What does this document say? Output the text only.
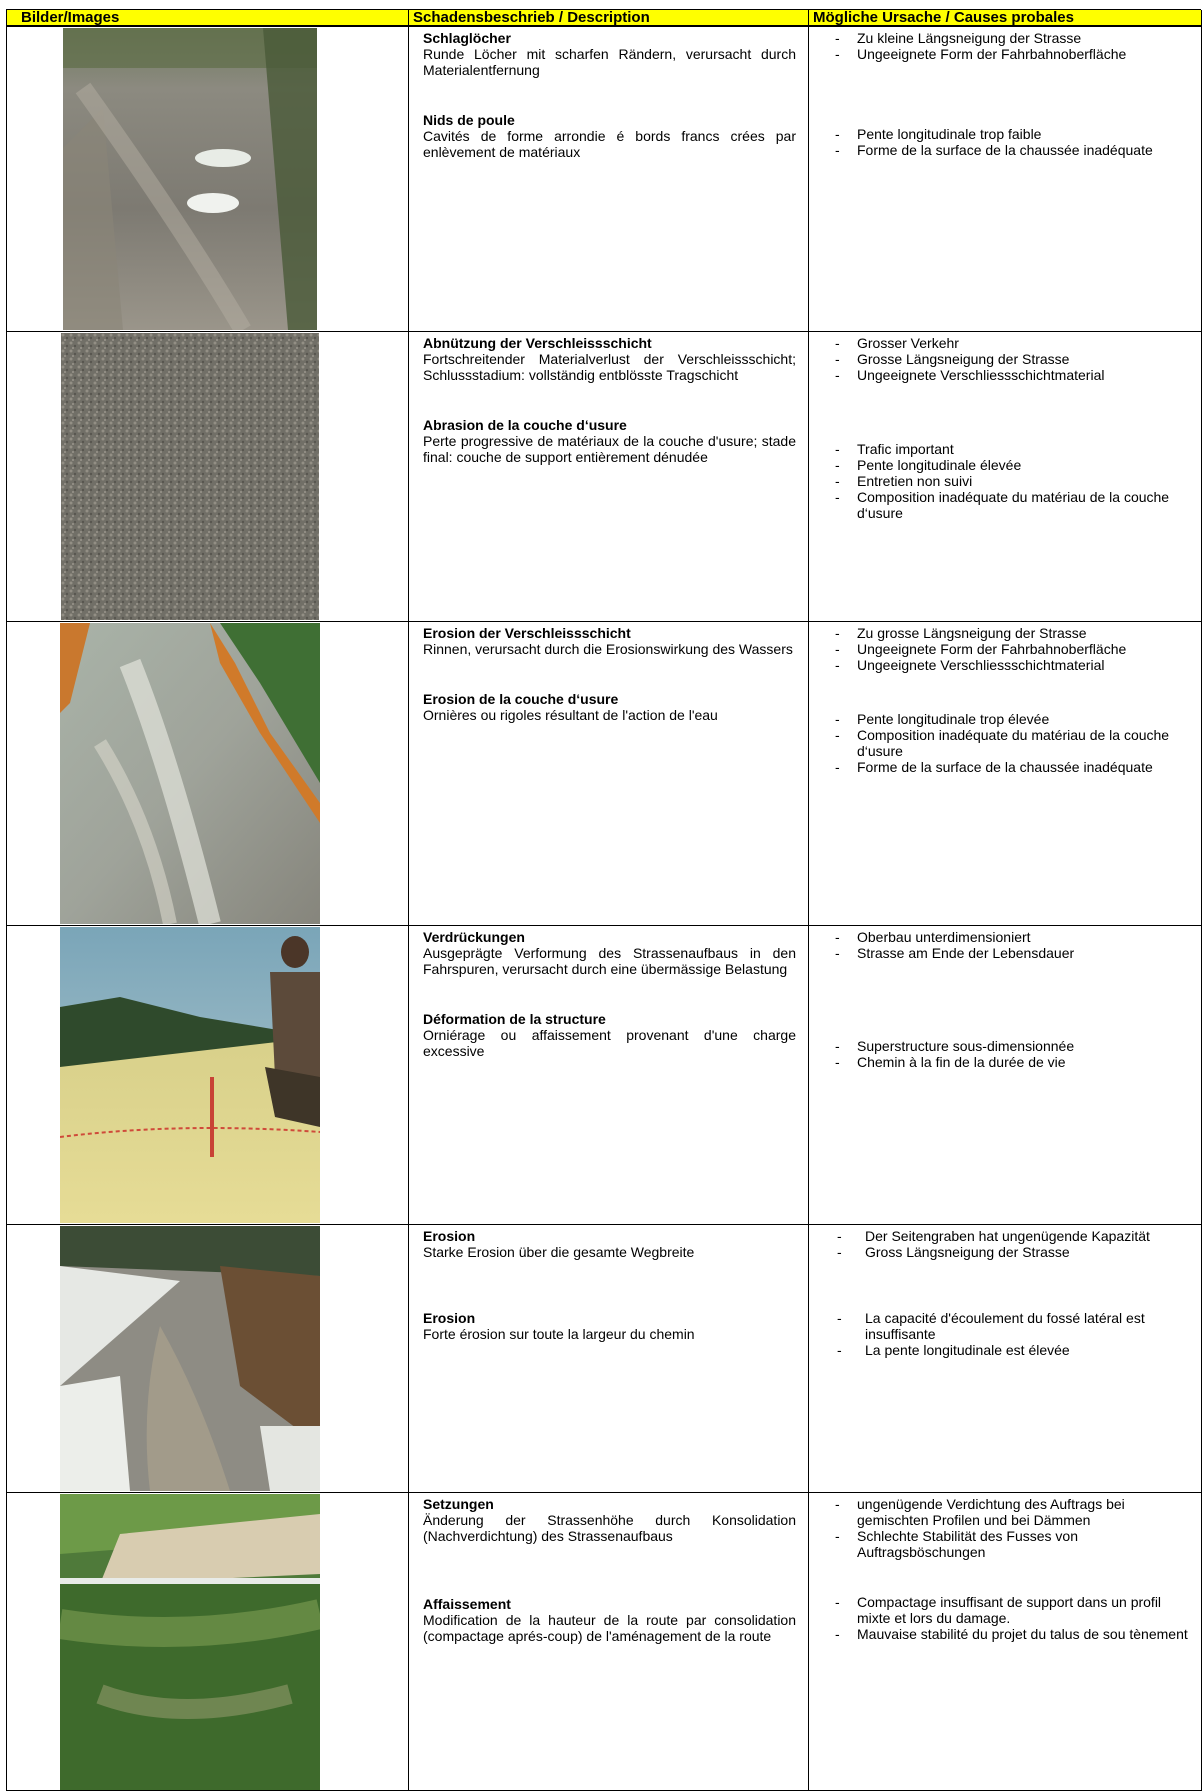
Bilder/Images	Schadensbeschrieb / Description	Mögliche Ursache / Causes probales
Schlaglöcher

Runde Löcher mit scharfen Rändern, verursacht durch Materialentfernung

Nids de poule

Cavités de forme arrondie é bords francs crées par enlèvement de matériaux

- Zu kleine Längsneigung der Strasse
- Ungeeignete Form der Fahrbahnoberfläche
- Pente longitudinale trop faible
- Forme de la surface de la chaussée inadéquate
Abnützung der Verschleissschicht

Fortschreitender Materialverlust der Verschleissschicht; Schlussstadium: vollständig entblösste Tragschicht

Abrasion de la couche d‘usure

Perte progressive de matériaux de la couche d'usure; stade final: couche de support entièrement dénudée

- Grosser Verkehr
- Grosse Längsneigung der Strasse
- Ungeeignete Verschliessschichtmaterial
- Trafic important
- Pente longitudinale élevée
- Entretien non suivi
- Composition inadéquate du matériau de la couche d‘usure
Erosion der Verschleissschicht

Rinnen, verursacht durch die Erosionswirkung des Wassers

Erosion de la couche d‘usure

Ornières ou rigoles résultant de l'action de l'eau

- Zu grosse Längsneigung der Strasse
- Ungeeignete Form der Fahrbahnoberfläche
- Ungeeignete Verschliessschichtmaterial
- Pente longitudinale trop élevée
- Composition inadéquate du matériau de la couche d‘usure
- Forme de la surface de la chaussée inadéquate
Verdrückungen

Ausgeprägte Verformung des Strassenaufbaus in den Fahrspuren, verursacht durch eine übermässige Belastung

Déformation de la structure

Orniérage ou affaissement provenant d'une charge excessive

- Oberbau unterdimensioniert
- Strasse am Ende der Lebensdauer
- Superstructure sous-dimensionnée
- Chemin à la fin de la durée de vie
Erosion

Starke Erosion über die gesamte Wegbreite

Erosion

Forte érosion sur toute la largeur du chemin

- Der Seitengraben hat ungenügende Kapazität
- Gross Längsneigung der Strasse
- La capacité d'écoulement du fossé latéral est insuffisante
- La pente longitudinale est élevée
Setzungen

Änderung der Strassenhöhe durch Konsolidation (Nachverdichtung) des Strassenaufbaus

Affaissement

Modification de la hauteur de la route par consolidation (compactage aprés-coup) de l'aménagement de la route

- ungenügende Verdichtung des Auftrags bei gemischten Profilen und bei Dämmen
- Schlechte Stabilität des Fusses von Auftragsböschungen
- Compactage insuffisant de support dans un profil mixte et lors du damage.
- Mauvaise stabilité du projet du talus de sou tènement
